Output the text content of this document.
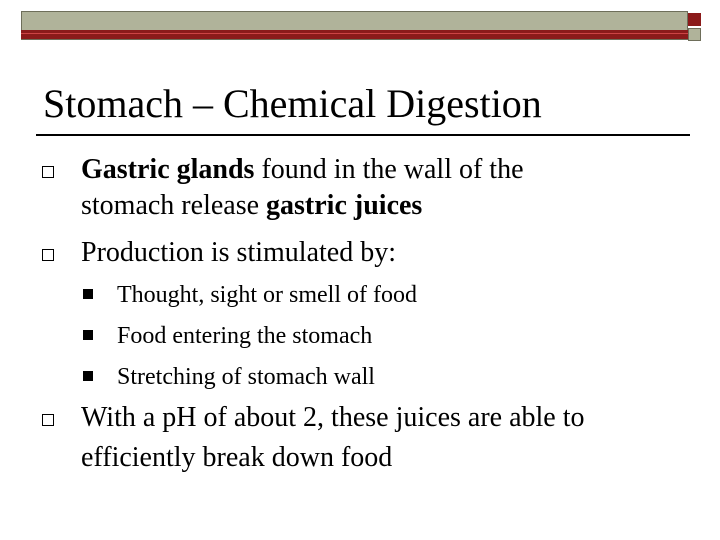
Stomach – Chemical Digestion
Gastric glands found in the wall of the
stomach release gastric juices
Production is stimulated by:
Thought, sight or smell of food
Food entering the stomach
Stretching of stomach wall
With a pH of about 2, these juices are able to
efficiently break down food
